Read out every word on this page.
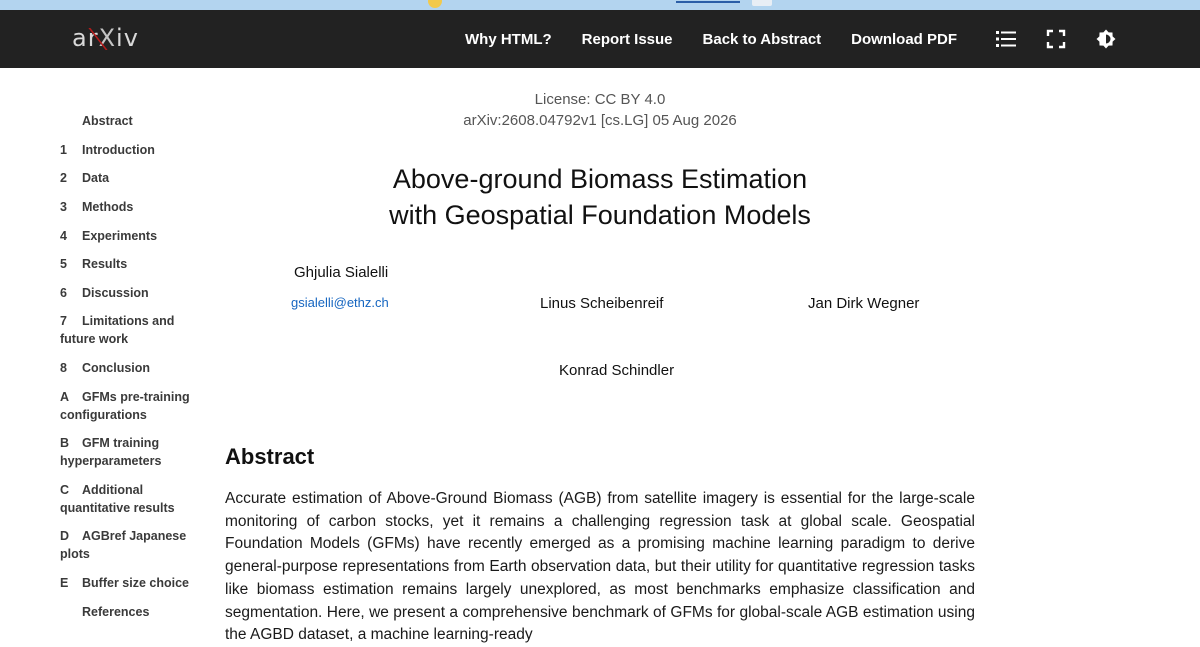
arXiv	Why HTML? Report Issue Back to Abstract Download PDF
Abstract
1 Introduction
2 Data
3 Methods
4 Experiments
5 Results
6 Discussion
7 Limitations and future work
8 Conclusion
A GFMs pre-training configurations
B GFM training hyperparameters
C Additional quantitative results
D AGBref Japanese plots
E Buffer size choice
References
License: CC BY 4.0
arXiv:2608.04792v1 [cs.LG] 05 Aug 2026
Above-ground Biomass Estimation
with Geospatial Foundation Models
Ghjulia Sialelli
gsialelli@ethz.ch	Linus Scheibenreif	Jan Dirk Wegner
Konrad Schindler
Abstract
Accurate estimation of Above-Ground Biomass (AGB) from satellite imagery is essential for the large-scale monitoring of carbon stocks, yet it remains a challenging regression task at global scale. Geospatial Foundation Models (GFMs) have recently emerged as a promising machine learning paradigm to derive general-purpose representations from Earth observation data, but their utility for quantitative regression tasks like biomass estimation remains largely unexplored, as most benchmarks emphasize classification and segmentation. Here, we present a comprehensive benchmark of GFMs for global-scale AGB estimation using the AGBD dataset, a machine learning-ready
